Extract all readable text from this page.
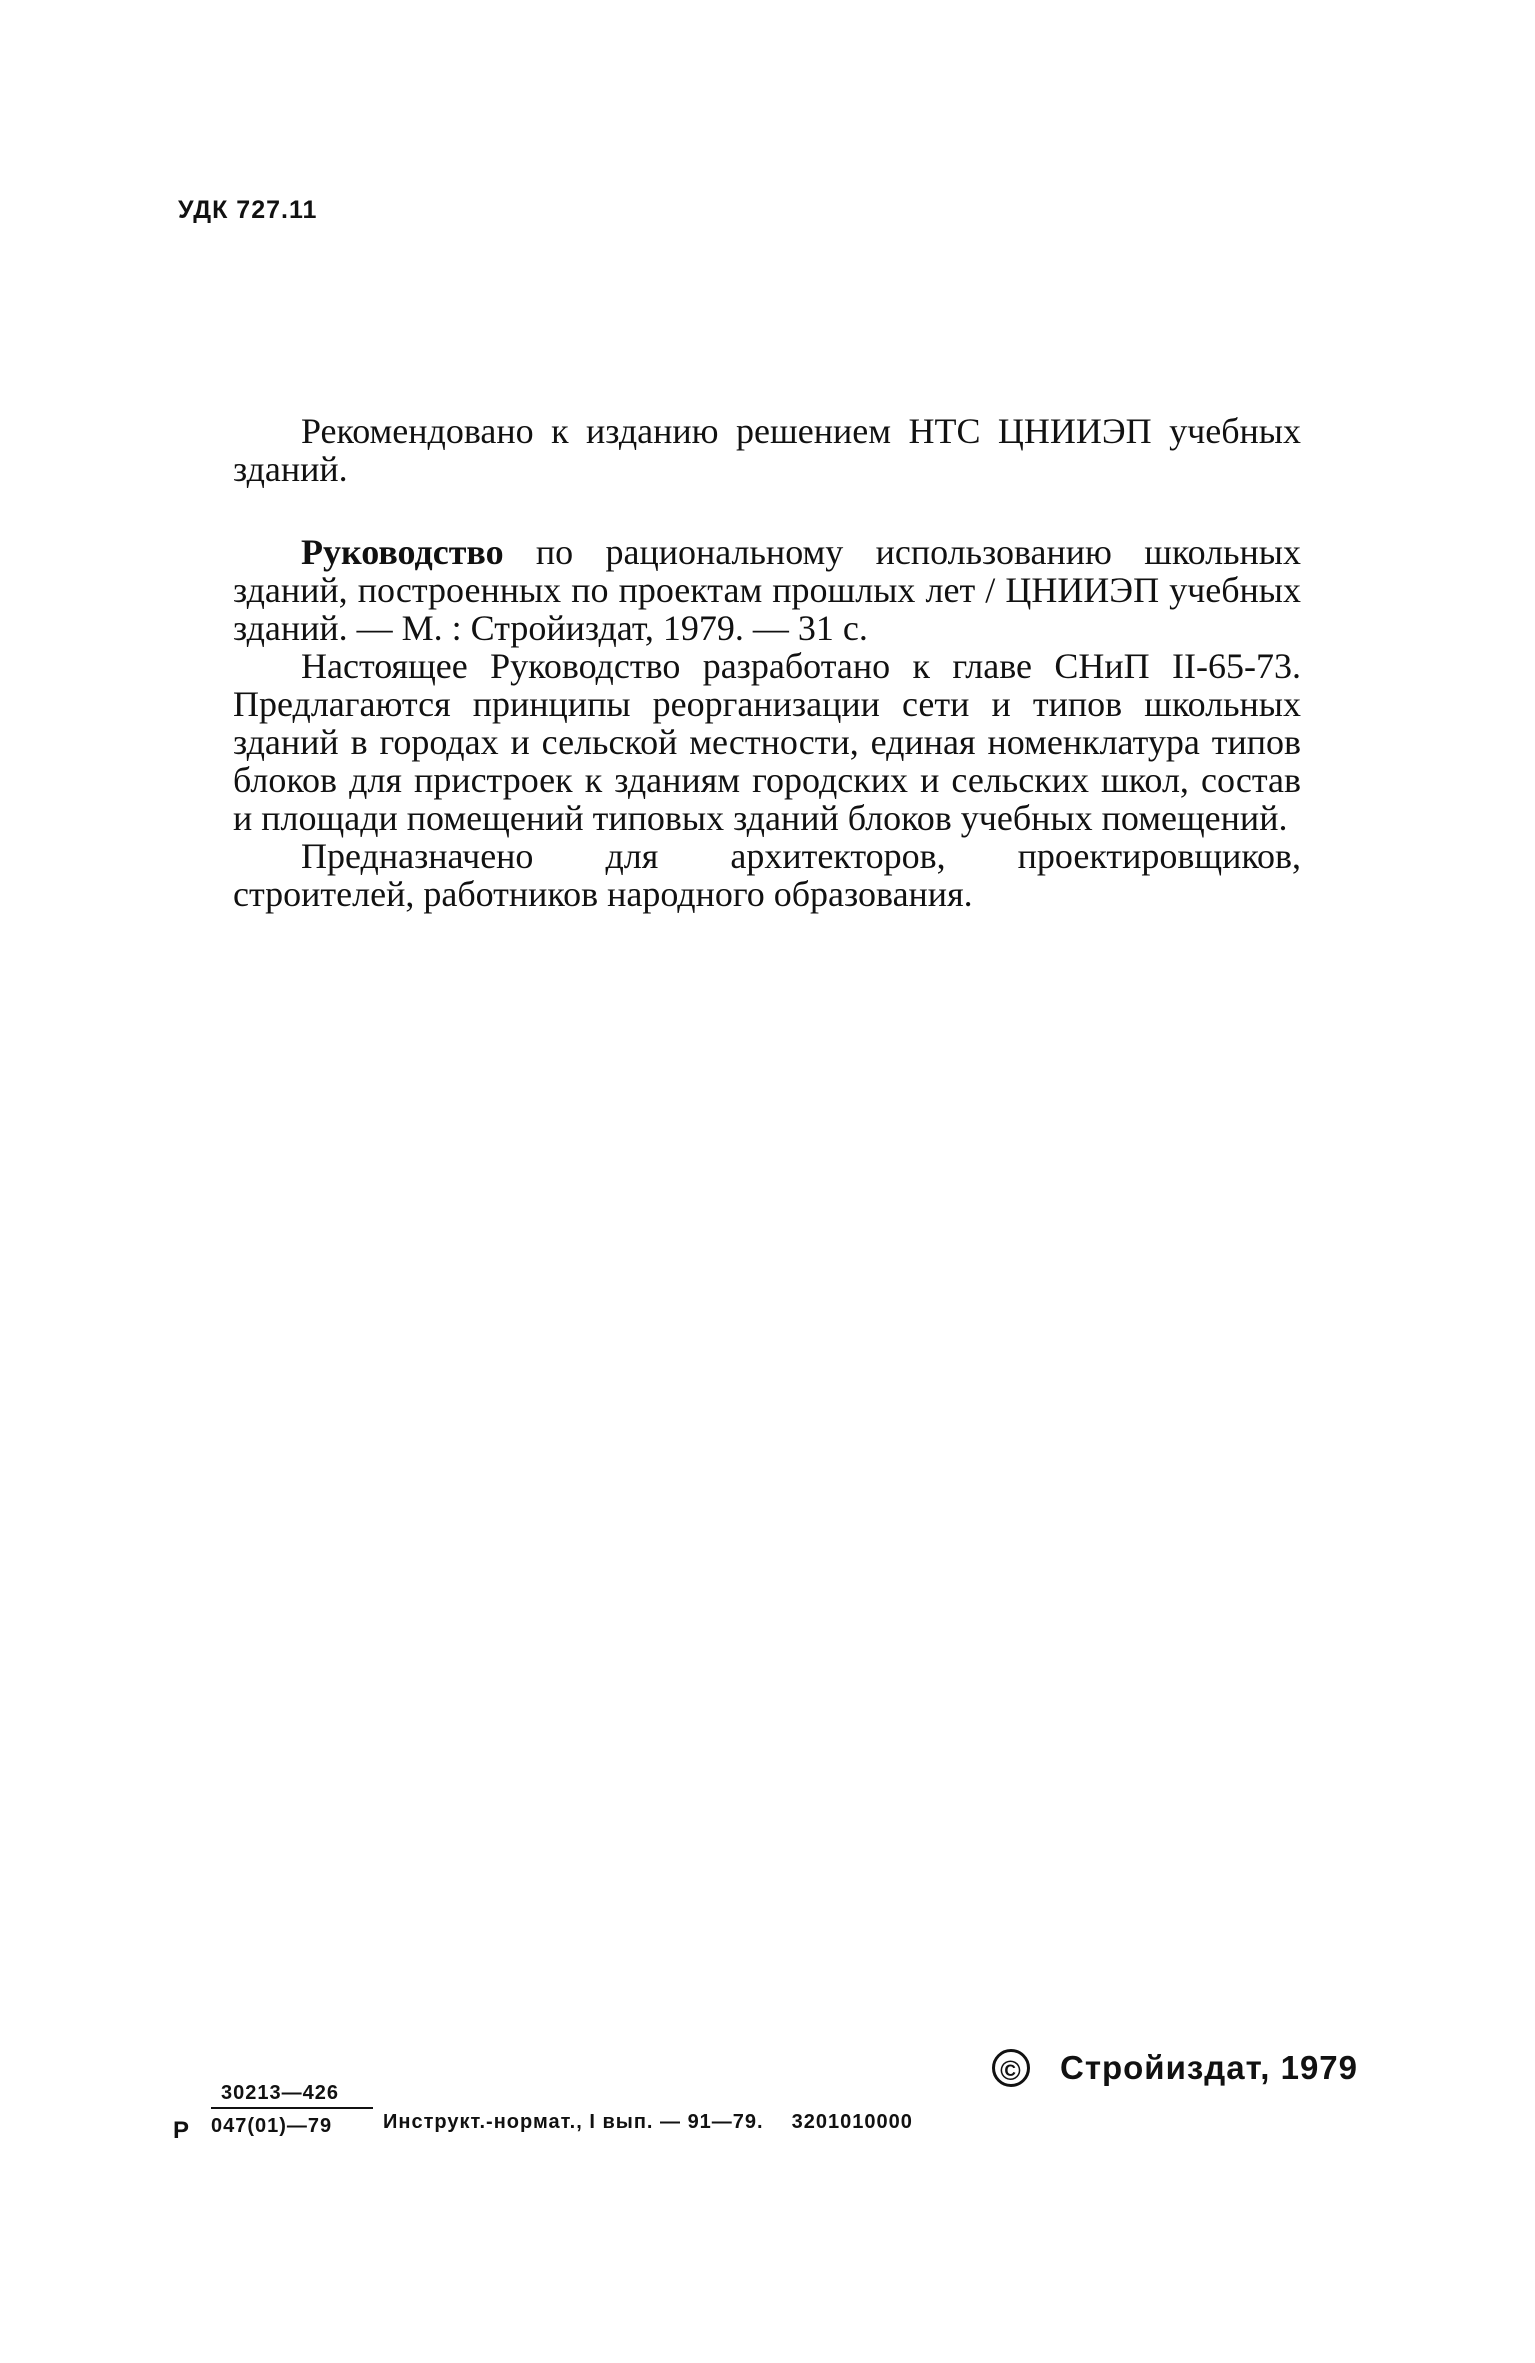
УДК 727.11

Рекомендовано к изданию решением НТС ЦНИИЭП учебных зданий.

Руководство по рациональному использованию школьных зданий, построенных по проектам прошлых лет / ЦНИИЭП учебных зданий. — М. : Стройиздат, 1979. — 31 с.

Настоящее Руководство разработано к главе СНиП II-65-73. Предлагаются принципы реорганизации сети и типов школьных зданий в городах и сельской местности, единая номенклатура типов блоков для пристроек к зданиям городских и сельских школ, состав и площади помещений типовых зданий блоков учебных помещений.

Предназначено для архитекторов, проектировщиков, строителей, работников народного образования.

© Стройиздат, 1979
Р $\frac{30213—426}{047(01)—79}$ Инструкт.-нормат., I вып. — 91—79. 3201010000
